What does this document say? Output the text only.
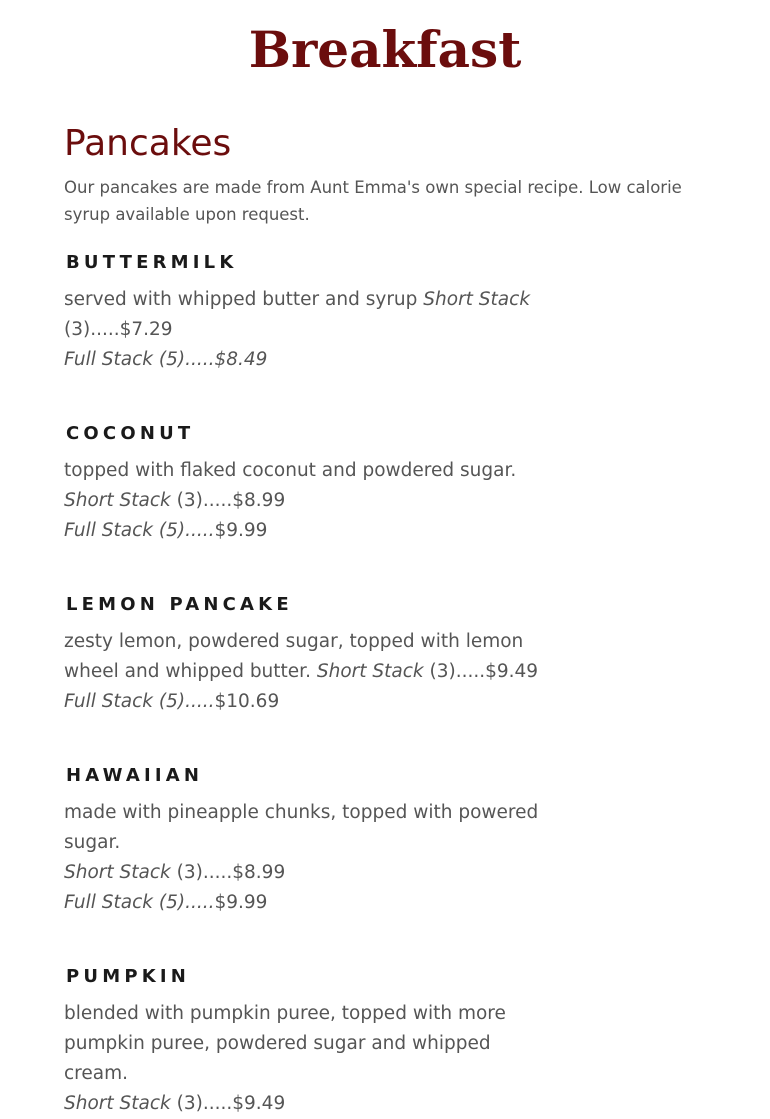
Breakfast
Pancakes

Our pancakes are made from Aunt Emma's own special recipe. Low calorie syrup available upon request.

BUTTERMILK

served with whipped butter and syrup Short Stack (3).....$7.29
Full Stack (5).....$8.49

COCONUT

topped with flaked coconut and powdered sugar.
Short Stack (3).....$8.99
Full Stack (5).....$9.99

LEMON PANCAKE

zesty lemon, powdered sugar, topped with lemon wheel and whipped butter. Short Stack (3).....$9.49
Full Stack (5).....$10.69

HAWAIIAN

made with pineapple chunks, topped with powered sugar.
Short Stack (3).....$8.99
Full Stack (5).....$9.99

PUMPKIN

blended with pumpkin puree, topped with more pumpkin puree, powdered sugar and whipped cream.
Short Stack (3).....$9.49
